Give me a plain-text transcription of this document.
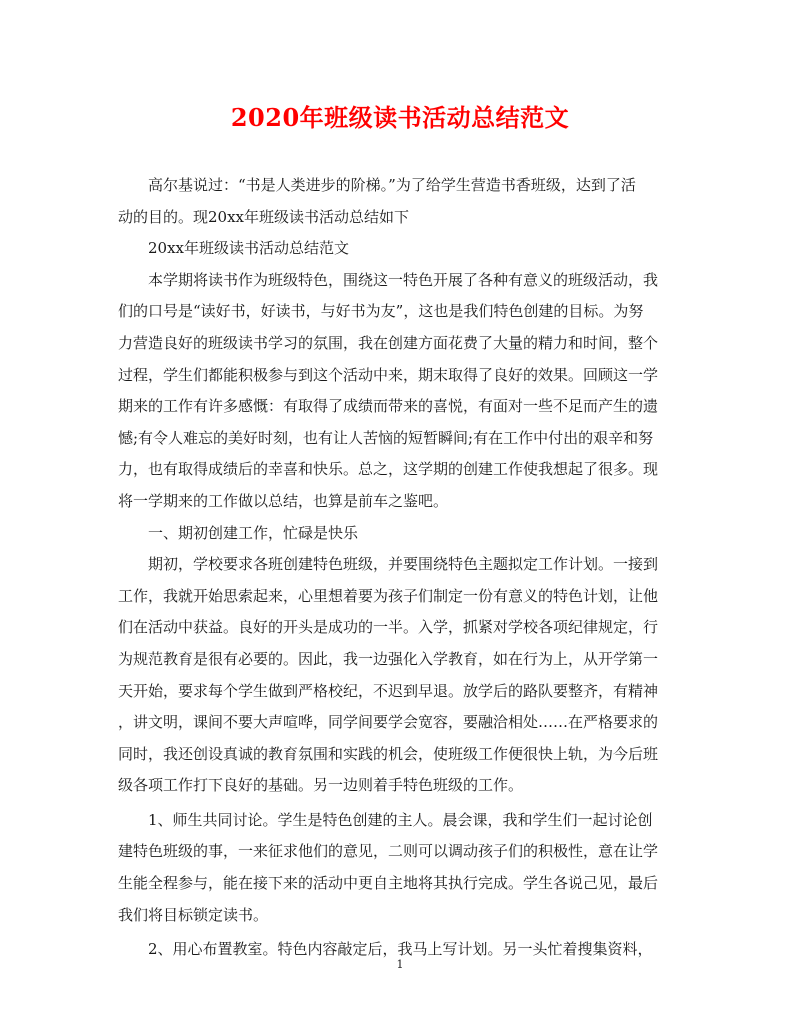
2020年班级读书活动总结范文
高尔基说过：“书是人类进步的阶梯。”为了给学生营造书香班级，达到了活
动的目的。现20xx年班级读书活动总结如下
20xx年班级读书活动总结范文
本学期将读书作为班级特色，围绕这一特色开展了各种有意义的班级活动，我
们的口号是“读好书，好读书，与好书为友”，这也是我们特色创建的目标。为努
力营造良好的班级读书学习的氛围，我在创建方面花费了大量的精力和时间，整个
过程，学生们都能积极参与到这个活动中来，期末取得了良好的效果。回顾这一学
期来的工作有许多感慨：有取得了成绩而带来的喜悦，有面对一些不足而产生的遗
憾;有令人难忘的美好时刻，也有让人苦恼的短暂瞬间;有在工作中付出的艰辛和努
力，也有取得成绩后的幸喜和快乐。总之，这学期的创建工作使我想起了很多。现
将一学期来的工作做以总结，也算是前车之鉴吧。
一、期初创建工作，忙碌是快乐
期初，学校要求各班创建特色班级，并要围绕特色主题拟定工作计划。一接到
工作，我就开始思索起来，心里想着要为孩子们制定一份有意义的特色计划，让他
们在活动中获益。良好的开头是成功的一半。入学，抓紧对学校各项纪律规定，行
为规范教育是很有必要的。因此，我一边强化入学教育，如在行为上，从开学第一
天开始，要求每个学生做到严格校纪，不迟到早退。放学后的路队要整齐，有精神
，讲文明，课间不要大声喧哗，同学间要学会宽容，要融洽相处……在严格要求的
同时，我还创设真诚的教育氛围和实践的机会，使班级工作便很快上轨，为今后班
级各项工作打下良好的基础。另一边则着手特色班级的工作。
1、师生共同讨论。学生是特色创建的主人。晨会课，我和学生们一起讨论创
建特色班级的事，一来征求他们的意见，二则可以调动孩子们的积极性，意在让学
生能全程参与，能在接下来的活动中更自主地将其执行完成。学生各说己见，最后
我们将目标锁定读书。
2、用心布置教室。特色内容敲定后，我马上写计划。另一头忙着搜集资料，
1
